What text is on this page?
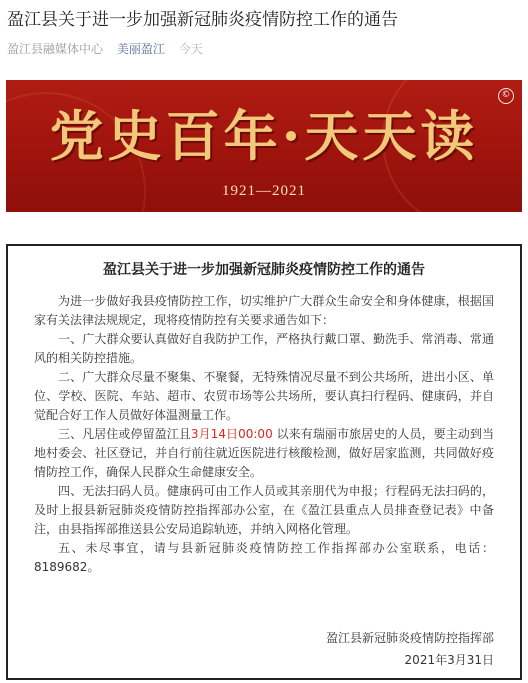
盈江县关于进一步加强新冠肺炎疫情防控工作的通告
盈江县融媒体中心 美丽盈江 今天
©
党史百年·天天读
1921—2021
盈江县关于进一步加强新冠肺炎疫情防控工作的通告

为进一步做好我县疫情防控工作，切实维护广大群众生命安全和身体健康，根据国家有关法律法规规定，现将疫情防控有关要求通告如下：

一、广大群众要认真做好自我防护工作，严格执行戴口罩、勤洗手、常消毒、常通风的相关防控措施。

二、广大群众尽量不聚集、不聚餐，无特殊情况尽量不到公共场所，进出小区、单位、学校、医院、车站、超市、农贸市场等公共场所，要认真扫行程码、健康码，并自觉配合好工作人员做好体温测量工作。

三、凡居住或停留盈江且3月14日00:00 以来有瑞丽市旅居史的人员，要主动到当地村委会、社区登记，并自行前往就近医院进行核酸检测，做好居家监测，共同做好疫情防控工作，确保人民群众生命健康安全。

四、无法扫码人员。健康码可由工作人员或其亲朋代为申报；行程码无法扫码的，及时上报县新冠肺炎疫情防控指挥部办公室，在《盈江县重点人员排查登记表》中备注，由县指挥部推送县公安局追踪轨迹，并纳入网格化管理。

五、未尽事宜，请与县新冠肺炎疫情防控工作指挥部办公室联系，电话：8189682。

盈江县新冠肺炎疫情防控指挥部
2021年3月31日
